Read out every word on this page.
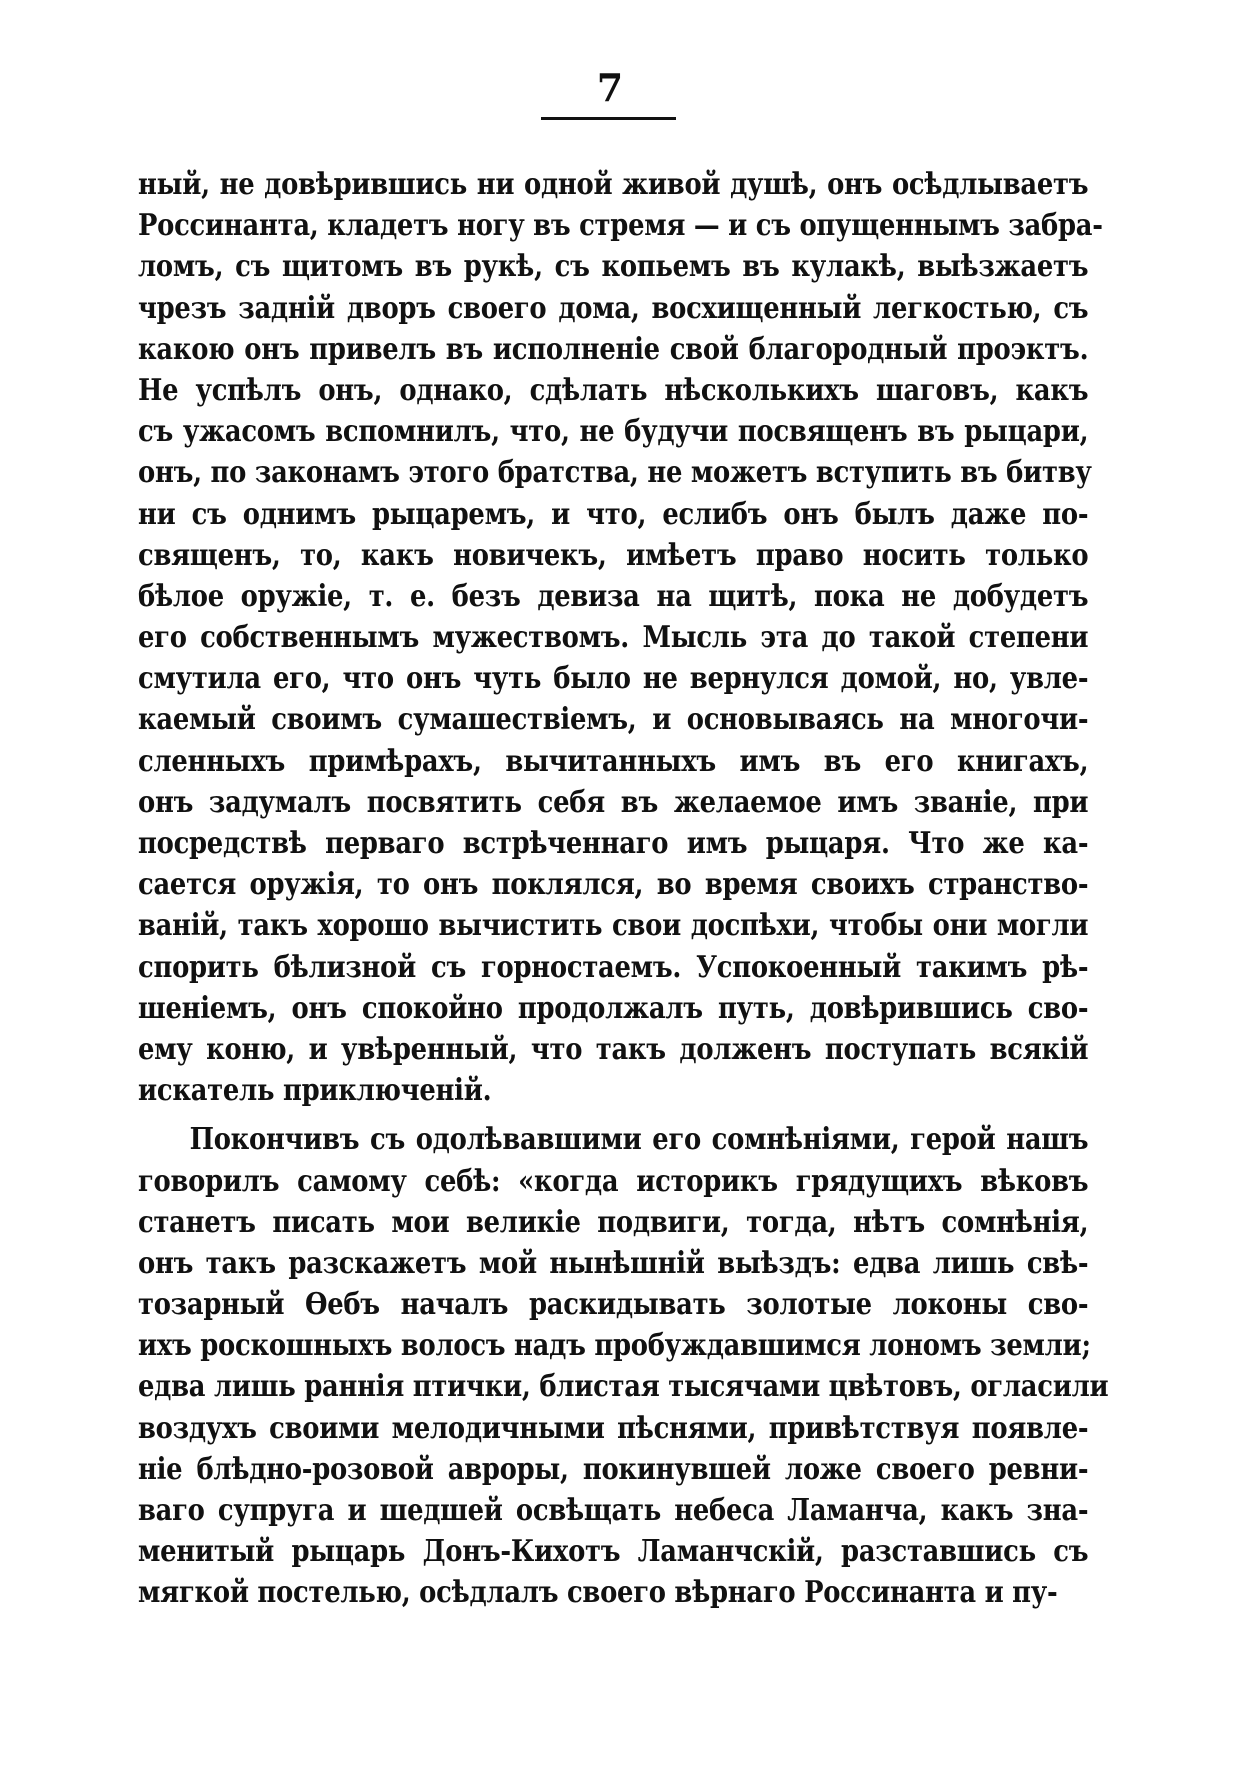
7
ный, не довѣрившись ни одной живой душѣ, онъ осѣдлываетъ
Россинанта, кладетъ ногу въ стремя — и съ опущеннымъ забра-
ломъ, съ щитомъ въ рукѣ, съ копьемъ въ кулакѣ, выѣзжаетъ
чрезъ заднiй дворъ своего дома, восхищенный легкостью, съ
какою онъ привелъ въ исполненiе свой благородный проэктъ.
Не успѣлъ онъ, однако, сдѣлать нѣсколькихъ шаговъ, какъ
съ ужасомъ вспомнилъ, что, не будучи посвященъ въ рыцари,
онъ, по законамъ этого братства, не можетъ вступить въ битву
ни съ однимъ рыцаремъ, и что, еслибъ онъ былъ даже по-
священъ, то, какъ новичекъ, имѣетъ право носить только
бѣлое оружiе, т. е. безъ девиза на щитѣ, пока не добудетъ
его собственнымъ мужествомъ. Мысль эта до такой степени
смутила его, что онъ чуть было не вернулся домой, но, увле-
каемый своимъ сумашествiемъ, и основываясь на многочи-
сленныхъ примѣрахъ, вычитанныхъ имъ въ его книгахъ,
онъ задумалъ посвятить себя въ желаемое имъ званiе, при
посредствѣ перваго встрѣченнаго имъ рыцаря. Что же ка-
сается оружiя, то онъ поклялся, во время своихъ странство-
ванiй, такъ хорошо вычистить свои доспѣхи, чтобы они могли
спорить бѣлизной съ горностаемъ. Успокоенный такимъ рѣ-
шенiемъ, онъ спокойно продолжалъ путь, довѣрившись сво-
ему коню, и увѣренный, что такъ долженъ поступать всякiй
искатель приключенiй.
Покончивъ съ одолѣвавшими его сомнѣнiями, герой нашъ
говорилъ самому себѣ: «когда историкъ грядущихъ вѣковъ
станетъ писать мои великiе подвиги, тогда, нѣтъ сомнѣнiя,
онъ такъ разскажетъ мой нынѣшнiй выѣздъ: едва лишь свѣ-
тозарный Ѳебъ началъ раскидывать золотые локоны сво-
ихъ роскошныхъ волосъ надъ пробуждавшимся лономъ земли;
едва лишь раннiя птички, блистая тысячами цвѣтовъ, огласили
воздухъ своими мелодичными пѣснями, привѣтствуя появле-
нiе блѣдно-розовой авроры, покинувшей ложе своего ревни-
ваго супруга и шедшей освѣщать небеса Ламанча, какъ зна-
менитый рыцарь Донъ-Кихотъ Ламанчскiй, разставшись съ
мягкой постелью, осѣдлалъ своего вѣрнаго Россинанта и пу-
